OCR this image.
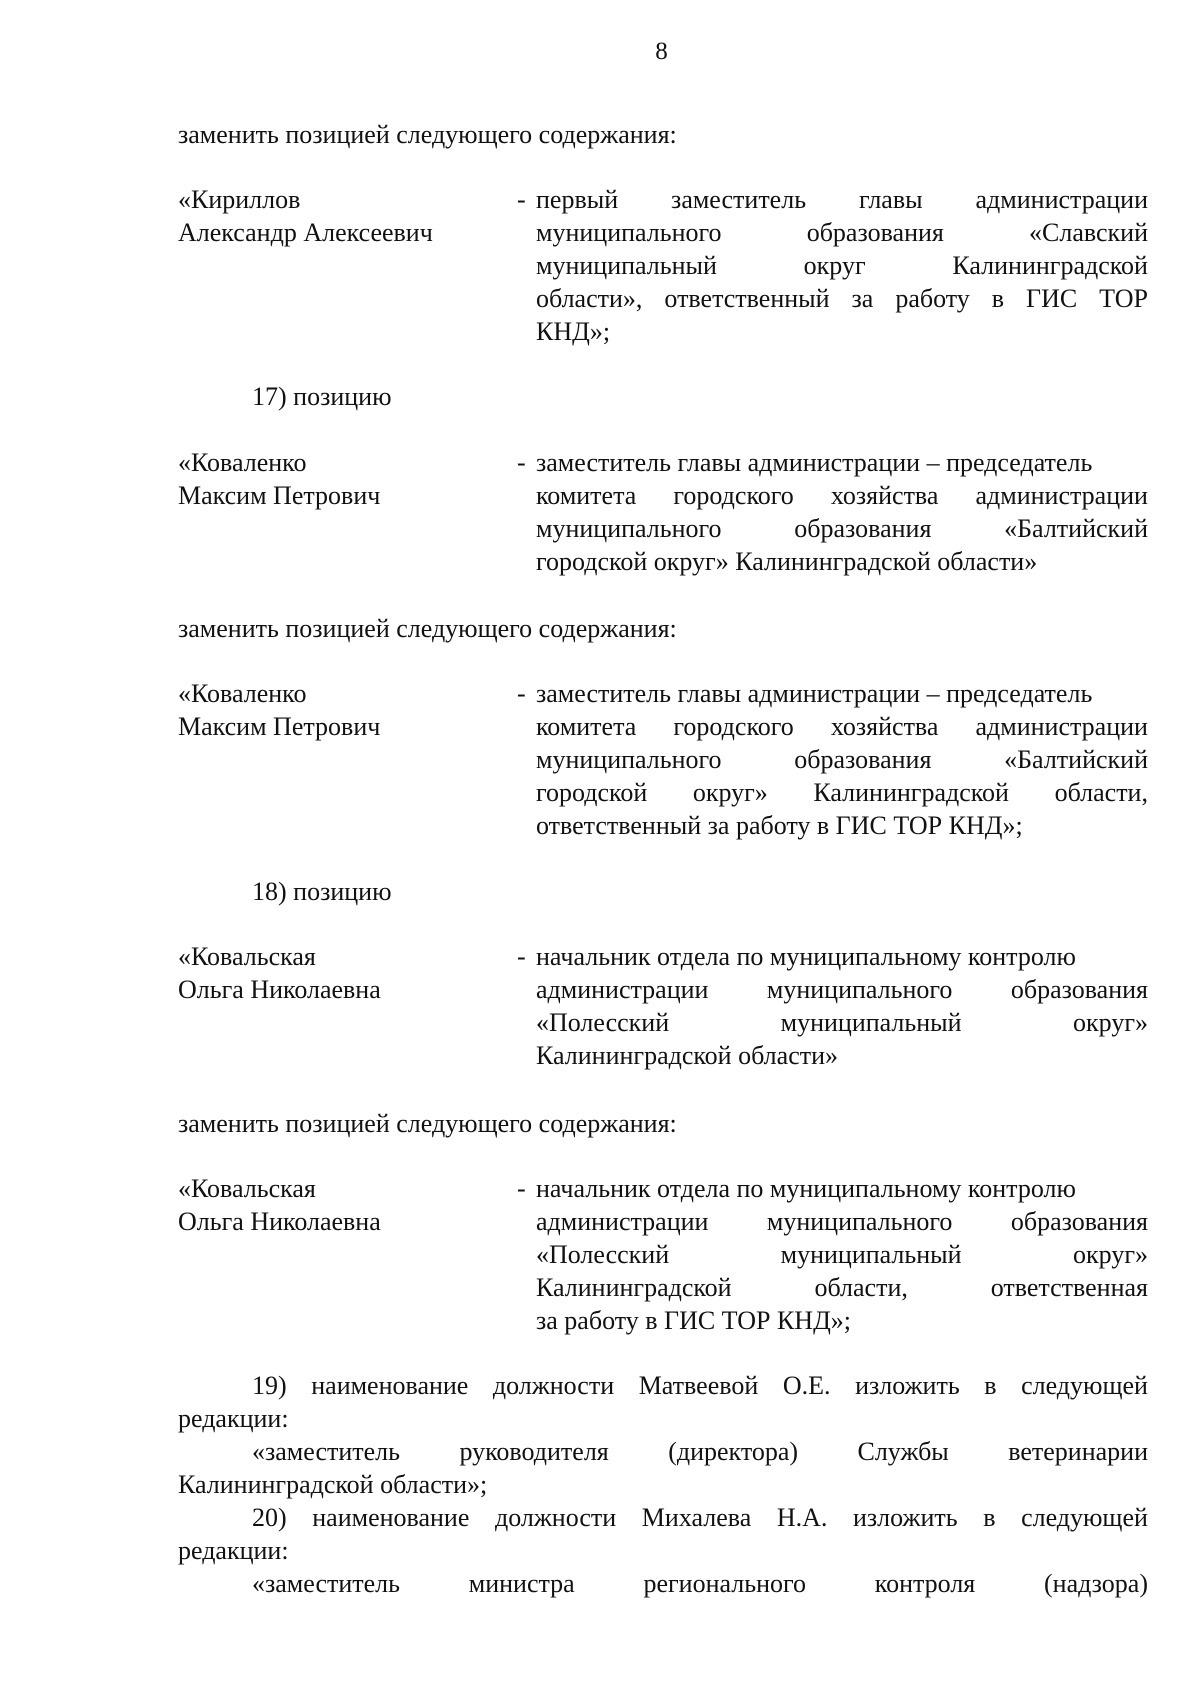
8
заменить позицией следующего содержания:
«Кириллов
Александр Алексеевич
- первый заместитель главы администрации
муниципального	образования	«Славский
муниципальный	округ	Калининградской
области», ответственный за работу в ГИС ТОР
КНД»;
17) позицию
«Коваленко
Максим Петрович
- заместитель главы администрации – председатель
комитета городского хозяйства администрации
муниципального	образования	«Балтийский
городской округ» Калининградской области»
заменить позицией следующего содержания:
«Коваленко
Максим Петрович
- заместитель главы администрации – председатель
комитета городского хозяйства администрации
муниципального	образования	«Балтийский
городской округ» Калининградской области,
ответственный за работу в ГИС ТОР КНД»;
18) позицию
«Ковальская
Ольга Николаевна
- начальник отдела по муниципальному контролю
администрации муниципального образования
«Полесский	муниципальный	округ»
Калининградской области»
заменить позицией следующего содержания:
«Ковальская
Ольга Николаевна
- начальник отдела по муниципальному контролю
администрации муниципального образования
«Полесский	муниципальный	округ»
Калининградской	области,	ответственная
за работу в ГИС ТОР КНД»;
19) наименование должности Матвеевой О.Е. изложить в следующей
редакции:
«заместитель руководителя (директора) Службы ветеринарии
Калининградской области»;
20) наименование должности Михалева Н.А. изложить в следующей
редакции:
«заместитель	министра	регионального	контроля	(надзора)
